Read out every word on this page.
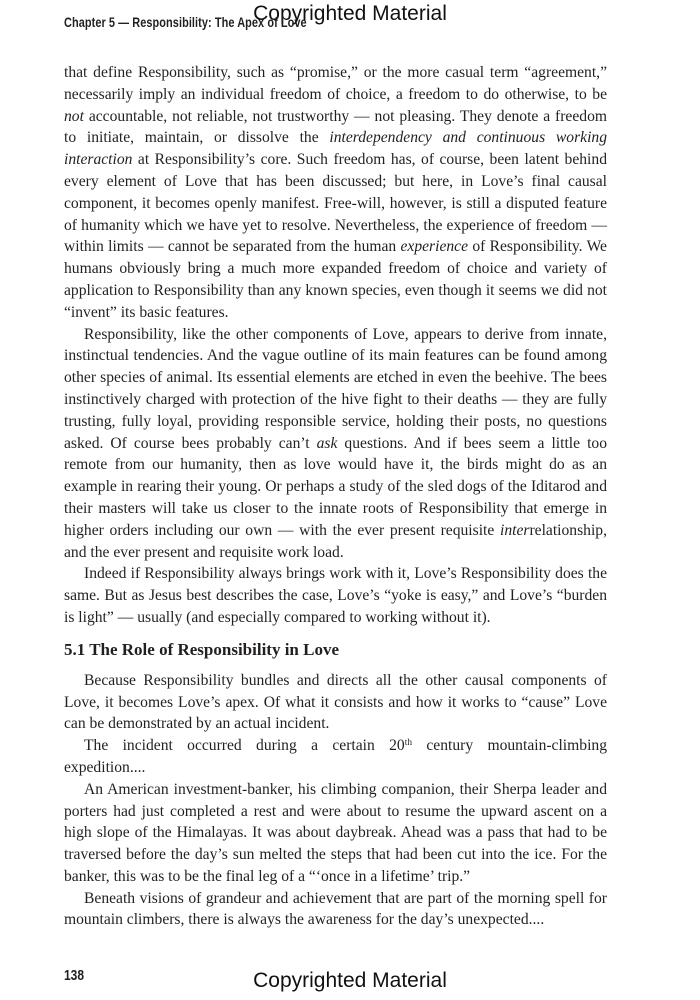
Copyrighted Material
Chapter 5 — Responsibility: The Apex of Love

that define Responsibility, such as “promise,” or the more casual term “agreement,” necessarily imply an individual freedom of choice, a freedom to do otherwise, to be not accountable, not reliable, not trustworthy — not pleasing. They denote a freedom to initiate, maintain, or dissolve the interdependency and continuous working interaction at Responsibility’s core. Such freedom has, of course, been latent behind every element of Love that has been discussed; but here, in Love’s final causal component, it becomes openly manifest. Free-will, however, is still a disputed feature of humanity which we have yet to resolve. Nevertheless, the experience of freedom — within limits — cannot be separated from the human experience of Responsibility. We humans obviously bring a much more expanded freedom of choice and variety of application to Responsibility than any known species, even though it seems we did not “invent” its basic features.

Responsibility, like the other components of Love, appears to derive from innate, instinctual tendencies. And the vague outline of its main features can be found among other species of animal. Its essential elements are etched in even the beehive. The bees instinctively charged with protection of the hive fight to their deaths — they are fully trusting, fully loyal, providing responsible service, holding their posts, no questions asked. Of course bees probably can’t ask questions. And if bees seem a little too remote from our humanity, then as love would have it, the birds might do as an example in rearing their young. Or perhaps a study of the sled dogs of the Iditarod and their masters will take us closer to the innate roots of Responsibility that emerge in higher orders including our own — with the ever present requisite interrelationship, and the ever present and requisite work load.

Indeed if Responsibility always brings work with it, Love’s Responsibility does the same. But as Jesus best describes the case, Love’s “yoke is easy,” and Love’s “burden is light” — usually (and especially compared to working without it).

5.1 The Role of Responsibility in Love

Because Responsibility bundles and directs all the other causal components of Love, it becomes Love’s apex. Of what it consists and how it works to “cause” Love can be demonstrated by an actual incident.

The incident occurred during a certain 20th century mountain-climbing expedition....

An American investment-banker, his climbing companion, their Sherpa leader and porters had just completed a rest and were about to resume the upward ascent on a high slope of the Himalayas. It was about daybreak. Ahead was a pass that had to be traversed before the day’s sun melted the steps that had been cut into the ice. For the banker, this was to be the final leg of a “‘once in a lifetime’ trip.”

Beneath visions of grandeur and achievement that are part of the morning spell for mountain climbers, there is always the awareness for the day’s unexpected....

138	Copyrighted Material
